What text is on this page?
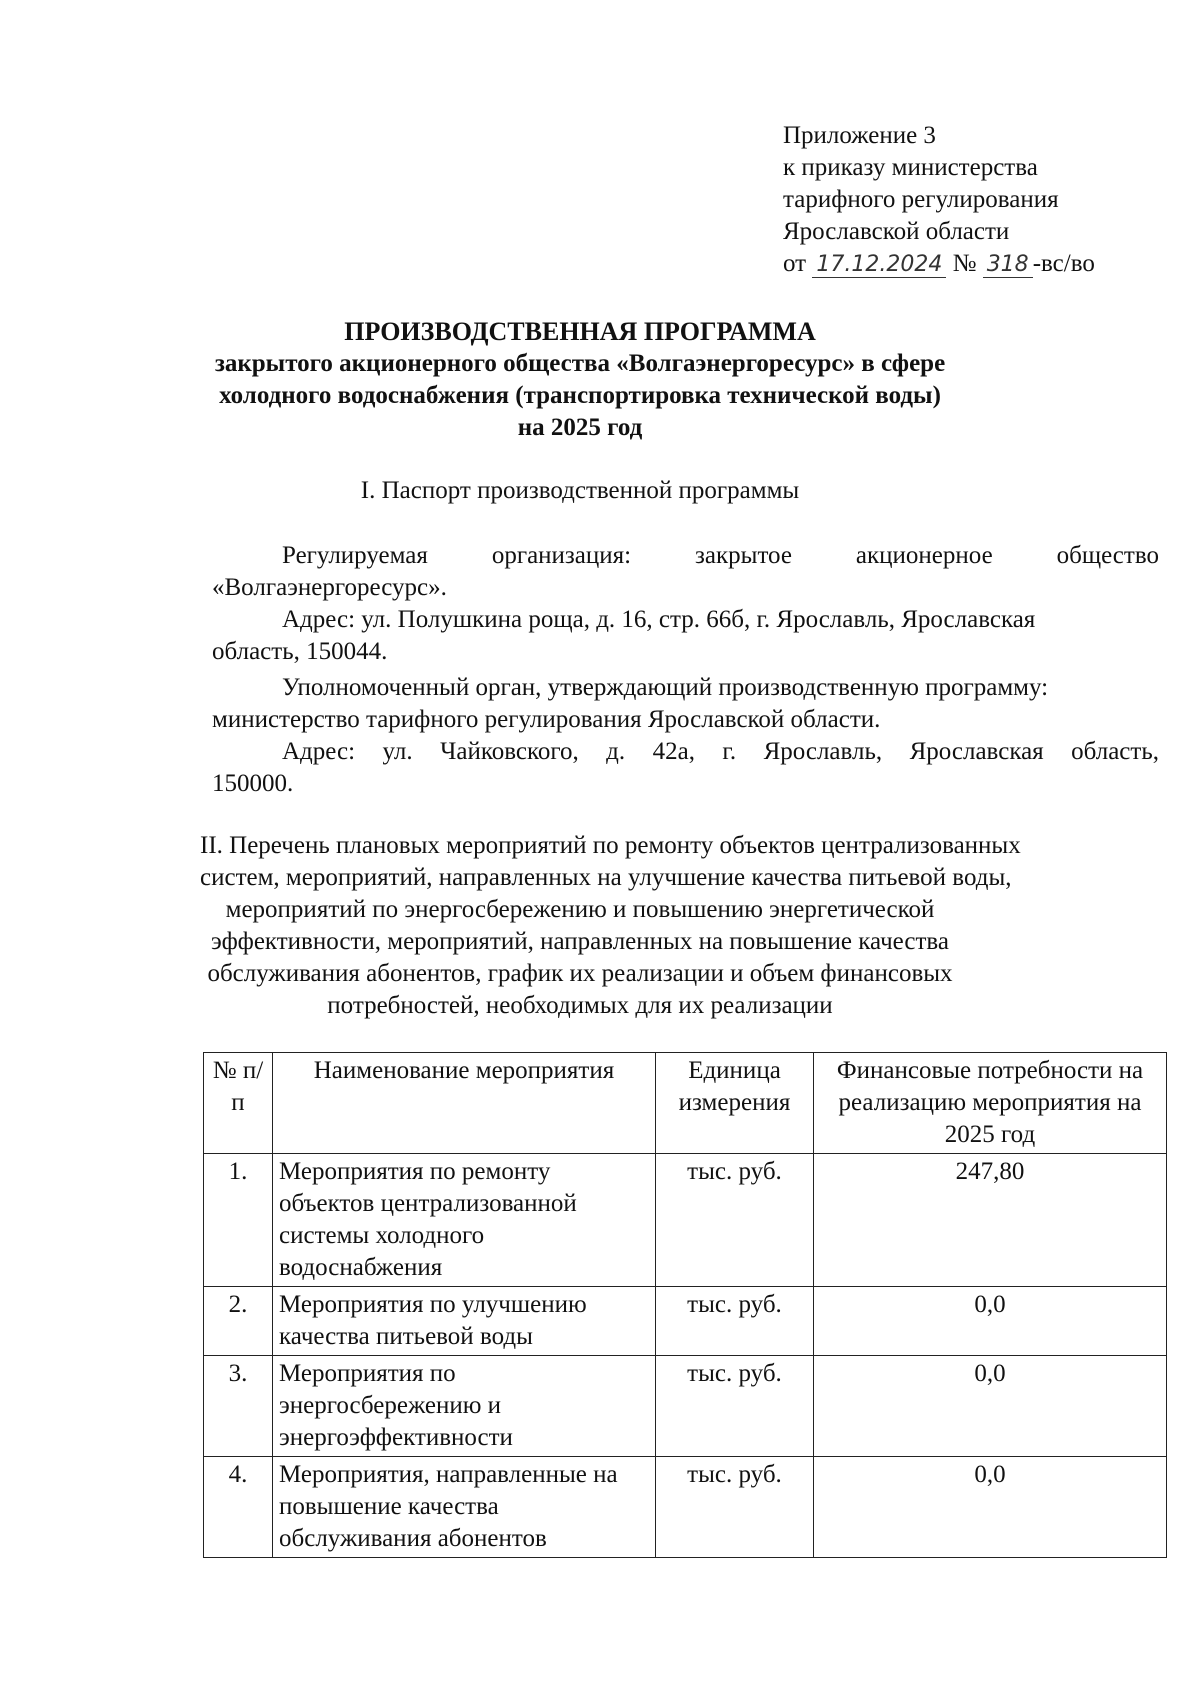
Приложение 3
к приказу министерства
тарифного регулирования
Ярославской области
от 17.12.2024 № 318 -вс/во
ПРОИЗВОДСТВЕННАЯ ПРОГРАММА
закрытого акционерного общества «Волгаэнергоресурс» в сфере
холодного водоснабжения (транспортировка технической воды)
на 2025 год
I. Паспорт производственной программы
Регулируемая	организация:	закрытое	акционерное	общество
«Волгаэнергоресурс».
Адрес: ул. Полушкина роща, д. 16, стр. 66б, г. Ярославль, Ярославская
область, 150044.
Уполномоченный орган, утверждающий производственную программу:
министерство тарифного регулирования Ярославской области.
Адрес: ул. Чайковского, д. 42а, г. Ярославль, Ярославская область,
150000.
II. Перечень плановых мероприятий по ремонту объектов централизованных
систем, мероприятий, направленных на улучшение качества питьевой воды,
мероприятий по энергосбережению и повышению энергетической
эффективности, мероприятий, направленных на повышение качества
обслуживания абонентов, график их реализации и объем финансовых
потребностей, необходимых для их реализации
№ п/п	Наименование мероприятия	Единица измерения	Финансовые потребности на реализацию мероприятия на 2025 год
1.	Мероприятия по ремонту объектов централизованной системы холодного водоснабжения	тыс. руб.	247,80
2.	Мероприятия по улучшению качества питьевой воды	тыс. руб.	0,0
3.	Мероприятия по энергосбережению и энергоэффективности	тыс. руб.	0,0
4.	Мероприятия, направленные на повышение качества обслуживания абонентов	тыс. руб.	0,0
